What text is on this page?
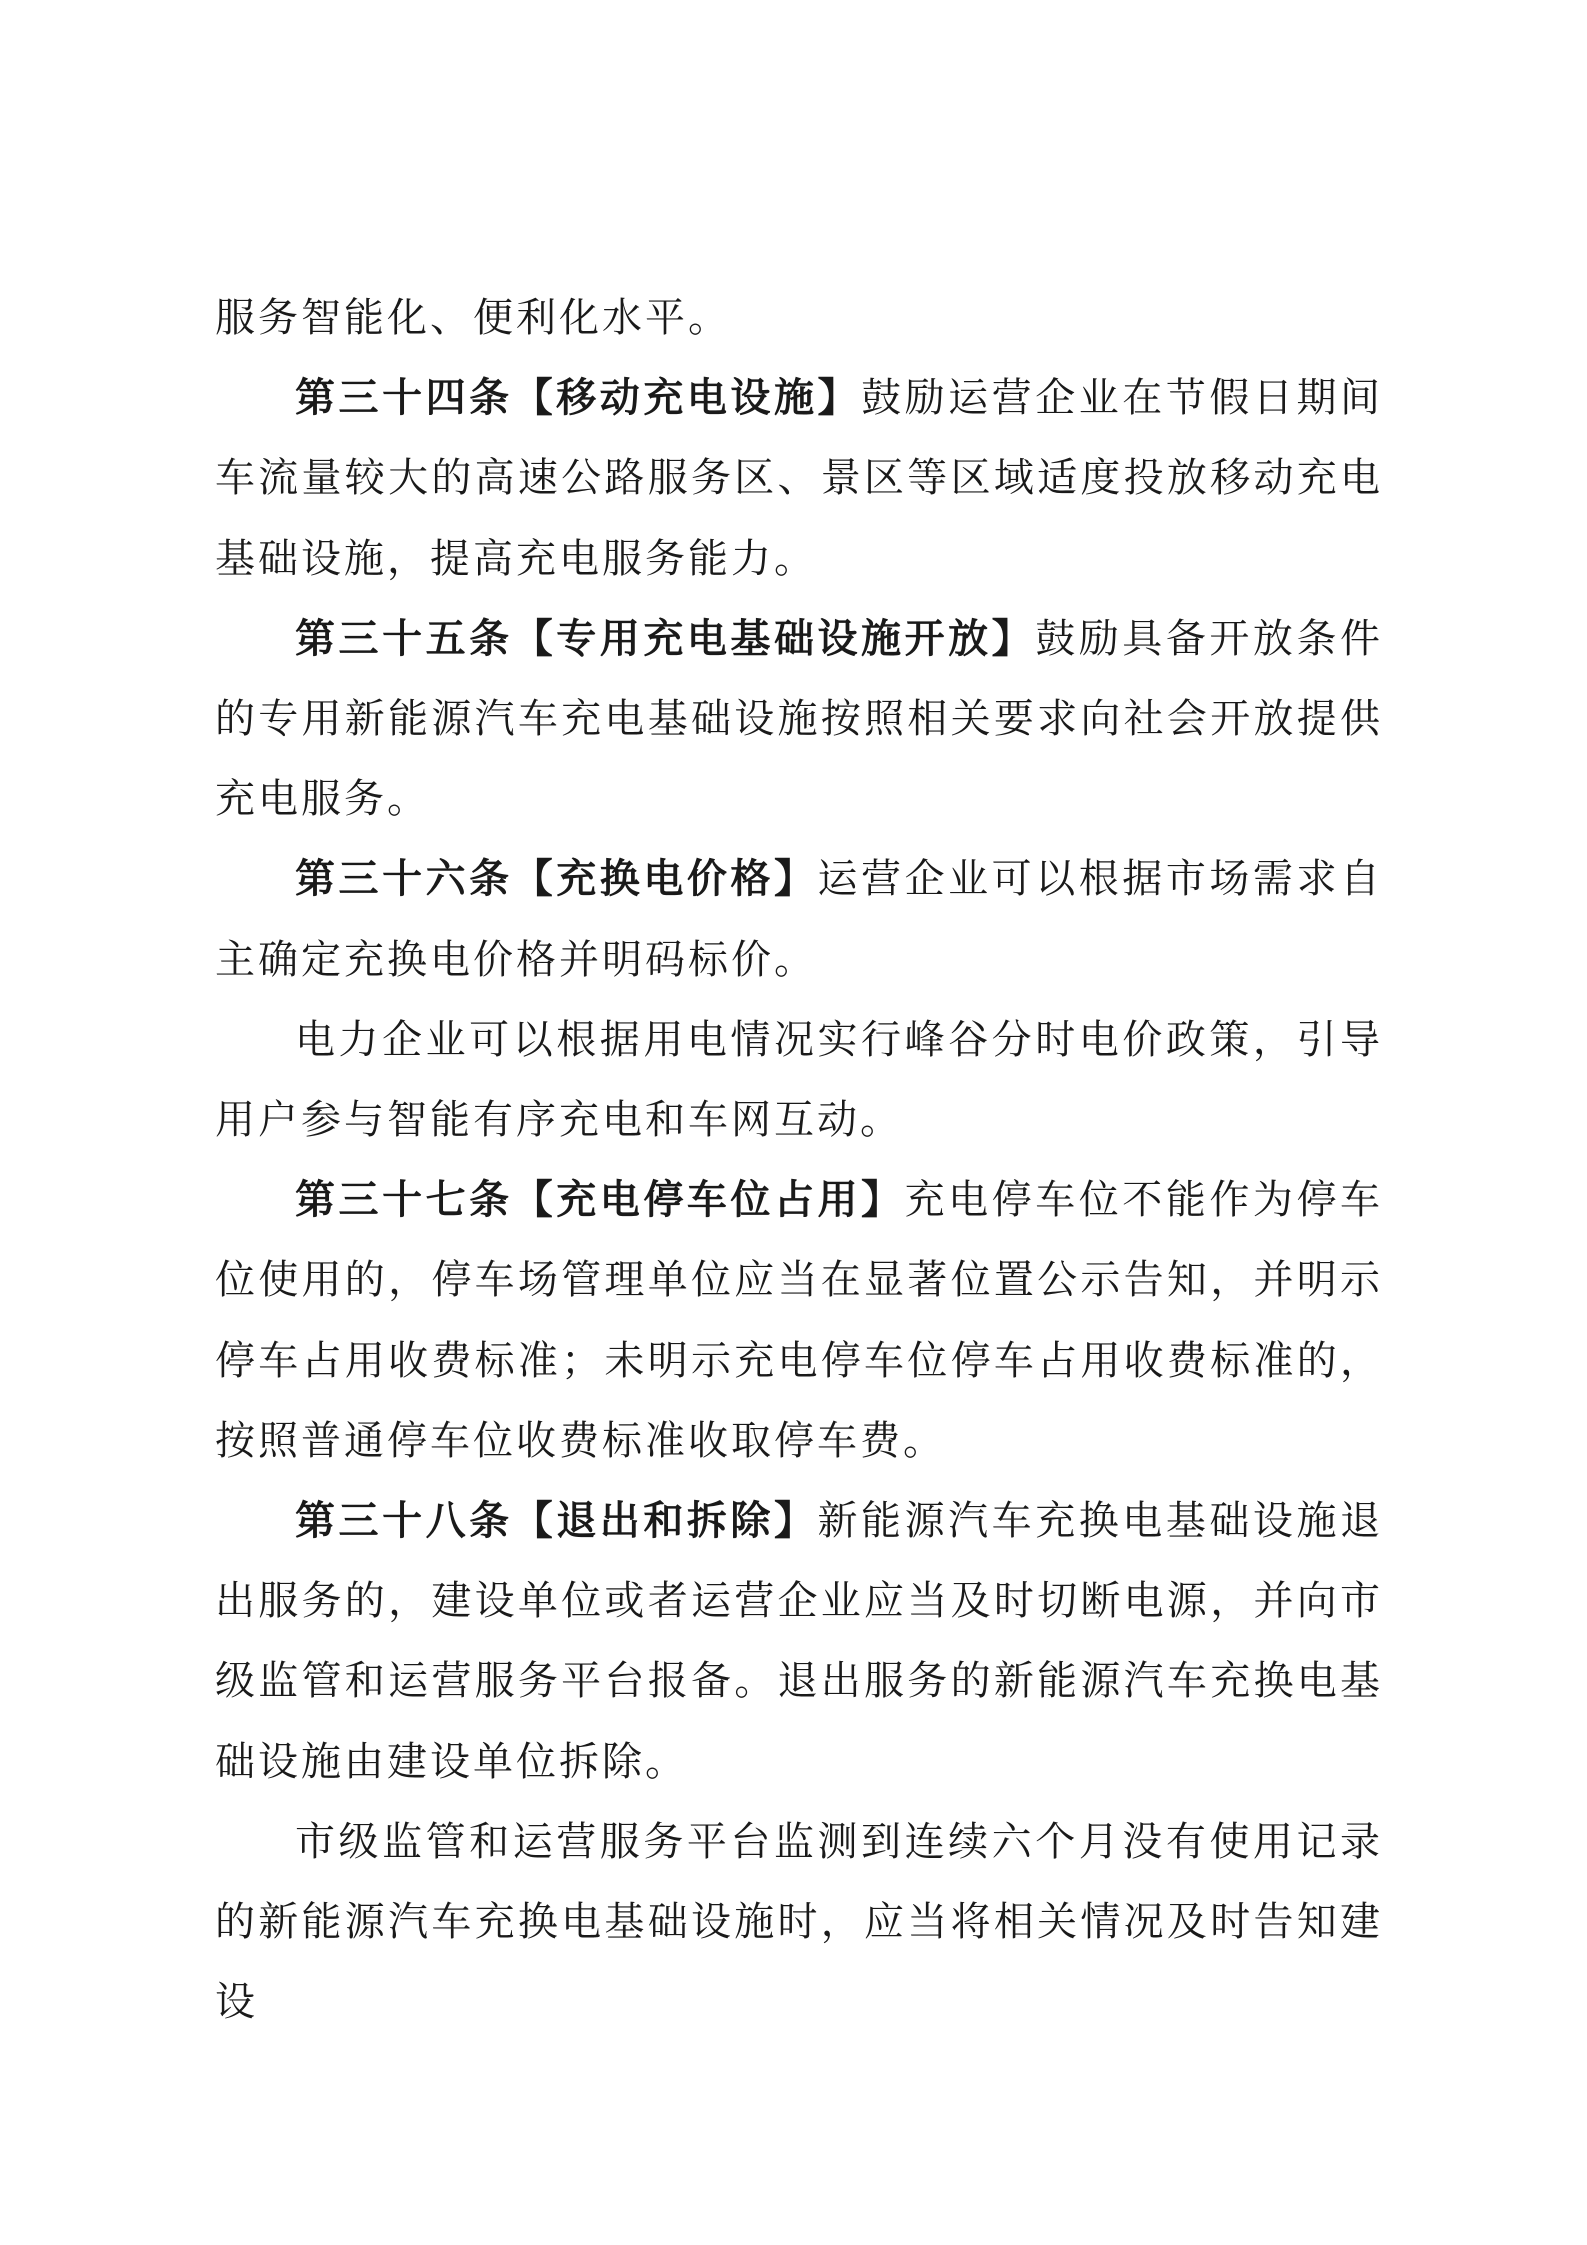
服务智能化、便利化水平。

第三十四条【移动充电设施】鼓励运营企业在节假日期间车流量较大的高速公路服务区、景区等区域适度投放移动充电基础设施，提高充电服务能力。

第三十五条【专用充电基础设施开放】鼓励具备开放条件的专用新能源汽车充电基础设施按照相关要求向社会开放提供充电服务。

第三十六条【充换电价格】运营企业可以根据市场需求自主确定充换电价格并明码标价。

电力企业可以根据用电情况实行峰谷分时电价政策，引导用户参与智能有序充电和车网互动。

第三十七条【充电停车位占用】充电停车位不能作为停车位使用的，停车场管理单位应当在显著位置公示告知，并明示停车占用收费标准；未明示充电停车位停车占用收费标准的，按照普通停车位收费标准收取停车费。

第三十八条【退出和拆除】新能源汽车充换电基础设施退出服务的，建设单位或者运营企业应当及时切断电源，并向市级监管和运营服务平台报备。退出服务的新能源汽车充换电基础设施由建设单位拆除。

市级监管和运营服务平台监测到连续六个月没有使用记录的新能源汽车充换电基础设施时，应当将相关情况及时告知建设
